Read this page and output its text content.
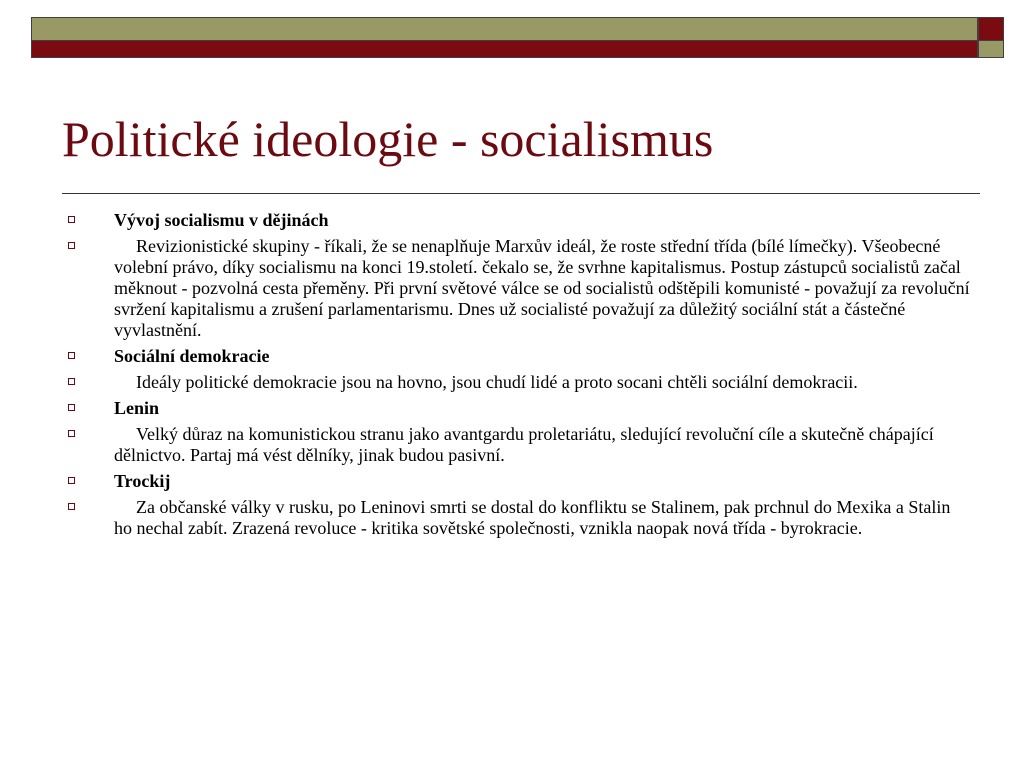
Politické ideologie - socialismus
Vývoj socialismu v dějinách
Revizionistické skupiny - říkali, že se nenaplňuje Marxův ideál, že roste střední třída (bílé límečky). Všeobecné volební právo, díky socialismu na konci 19.století. čekalo se, že svrhne kapitalismus. Postup zástupců socialistů začal měknout - pozvolná cesta přeměny. Při první světové válce se od socialistů odštěpili komunisté - považují za revoluční svržení kapitalismu a zrušení parlamentarismu. Dnes už socialisté považují za důležitý sociální stát a částečné vyvlastnění.
Sociální demokracie
Ideály politické demokracie jsou na hovno, jsou chudí lidé a proto socani chtěli sociální demokracii.
Lenin
Velký důraz na komunistickou stranu jako avantgardu proletariátu, sledující revoluční cíle a skutečně chápající dělnictvo. Partaj má vést dělníky, jinak budou pasivní.
Trockij
Za občanské války v rusku, po Leninovi smrti se dostal do konfliktu se Stalinem, pak prchnul do Mexika a Stalin ho nechal zabít. Zrazená revoluce - kritika sovětské společnosti, vznikla naopak nová třída - byrokracie.
